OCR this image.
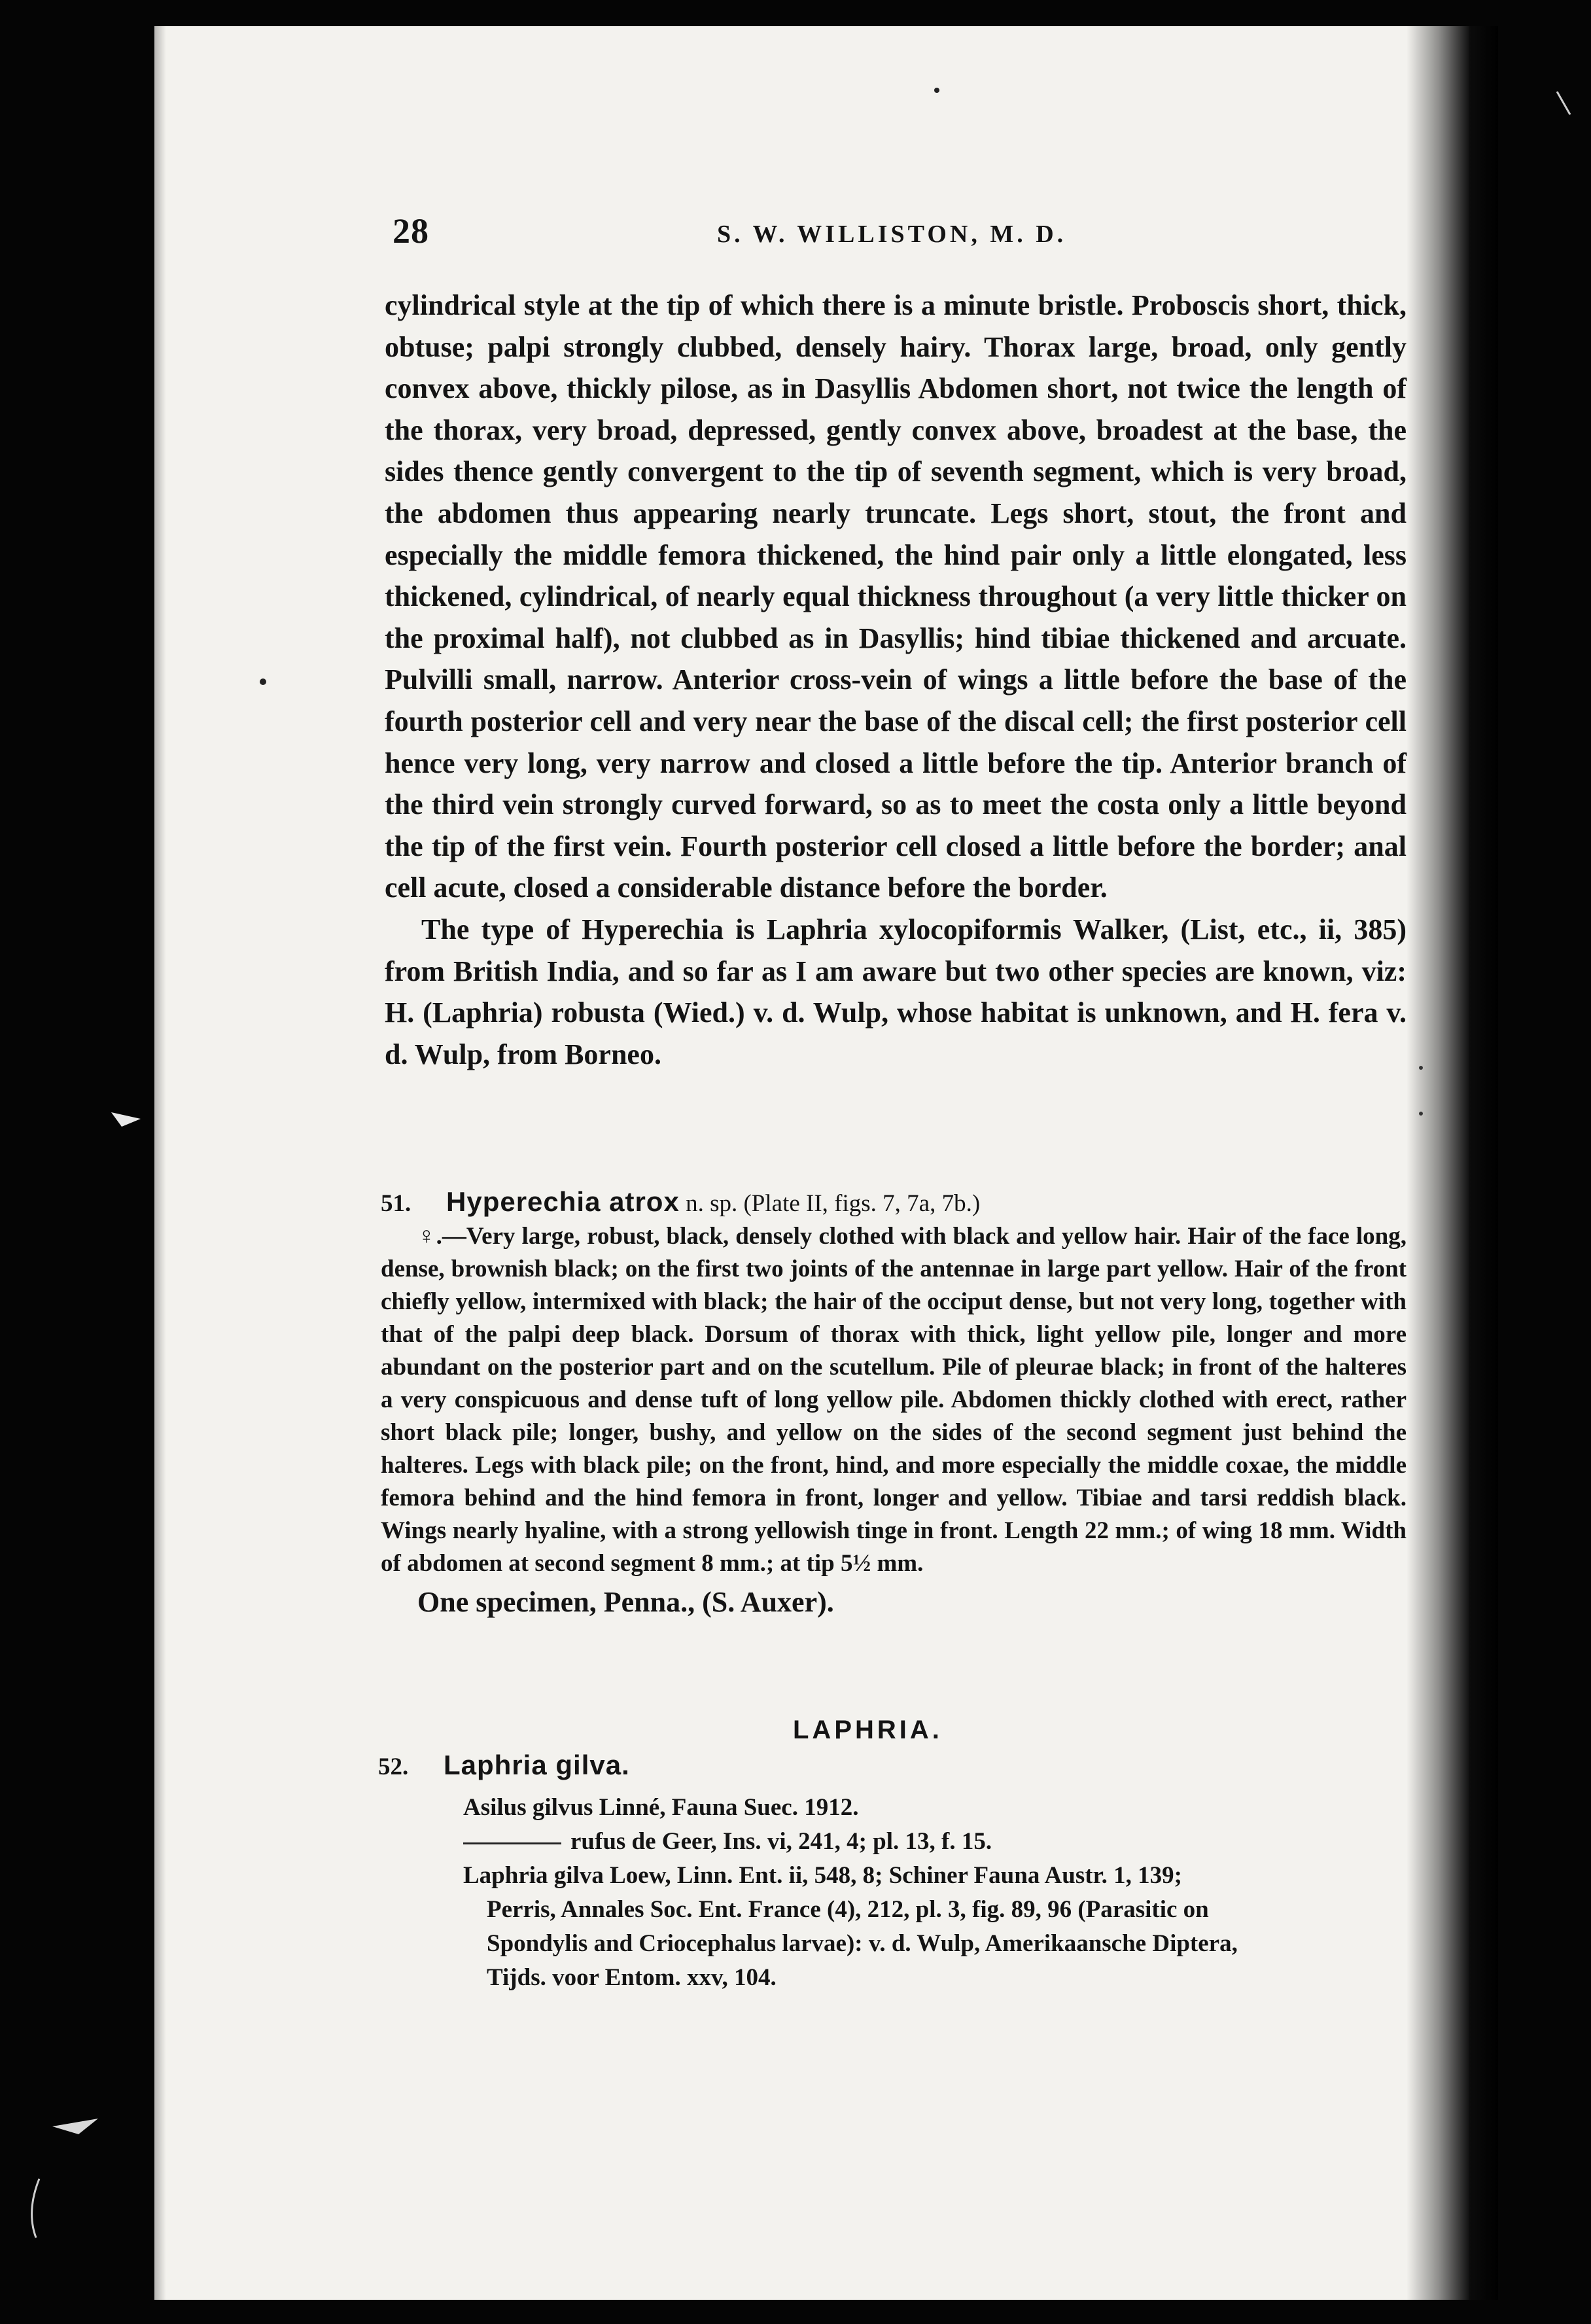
28	S. W. WILLISTON, M. D.

cylindrical style at the tip of which there is a minute bristle. Proboscis short, thick, obtuse; palpi strongly clubbed, densely hairy. Thorax large, broad, only gently convex above, thickly pilose, as in Dasyllis Abdomen short, not twice the length of the thorax, very broad, depressed, gently convex above, broadest at the base, the sides thence gently convergent to the tip of seventh segment, which is very broad, the abdomen thus appearing nearly truncate. Legs short, stout, the front and especially the middle femora thickened, the hind pair only a little elongated, less thickened, cylindrical, of nearly equal thickness throughout (a very little thicker on the proximal half), not clubbed as in Dasyllis; hind tibiae thickened and arcuate. Pulvilli small, narrow. Anterior cross-vein of wings a little before the base of the fourth posterior cell and very near the base of the discal cell; the first posterior cell hence very long, very narrow and closed a little before the tip. Anterior branch of the third vein strongly curved forward, so as to meet the costa only a little beyond the tip of the first vein. Fourth posterior cell closed a little before the border; anal cell acute, closed a considerable distance before the border.

The type of Hyperechia is Laphria xylocopiformis Walker, (List, etc., ii, 385) from British India, and so far as I am aware but two other species are known, viz: H. (Laphria) robusta (Wied.) v. d. Wulp, whose habitat is unknown, and H. fera v. d. Wulp, from Borneo.

51. Hyperechia atrox n. sp. (Plate II, figs. 7, 7a, 7b.)

♀.—Very large, robust, black, densely clothed with black and yellow hair. Hair of the face long, dense, brownish black; on the first two joints of the antennae in large part yellow. Hair of the front chiefly yellow, intermixed with black; the hair of the occiput dense, but not very long, together with that of the palpi deep black. Dorsum of thorax with thick, light yellow pile, longer and more abundant on the posterior part and on the scutellum. Pile of pleurae black; in front of the halteres a very conspicuous and dense tuft of long yellow pile. Abdomen thickly clothed with erect, rather short black pile; longer, bushy, and yellow on the sides of the second segment just behind the halteres. Legs with black pile; on the front, hind, and more especially the middle coxae, the middle femora behind and the hind femora in front, longer and yellow. Tibiae and tarsi reddish black. Wings nearly hyaline, with a strong yellowish tinge in front. Length 22 mm.; of wing 18 mm. Width of abdomen at second segment 8 mm.; at tip 5½ mm.

One specimen, Penna., (S. Auxer).

LAPHRIA.

52. Laphria gilva.

Asilus gilvus Linné, Fauna Suec. 1912.

rufus de Geer, Ins. vi, 241, 4; pl. 13, f. 15.

Laphria gilva Loew, Linn. Ent. ii, 548, 8; Schiner Fauna Austr. 1, 139;

Perris, Annales Soc. Ent. France (4), 212, pl. 3, fig. 89, 96 (Parasitic on

Spondylis and Criocephalus larvae): v. d. Wulp, Amerikaansche Diptera,

Tijds. voor Entom. xxv, 104.
